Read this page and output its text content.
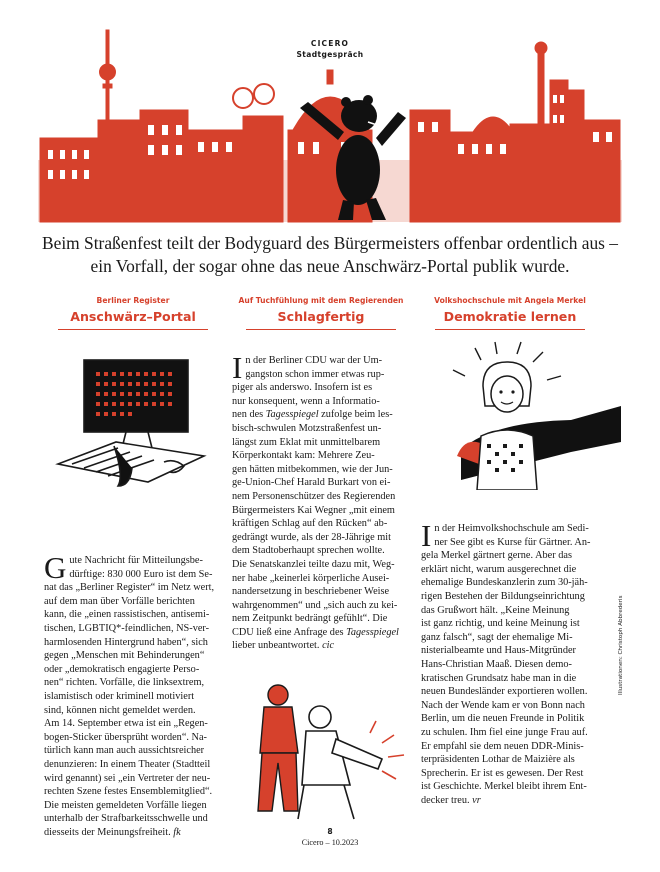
CICERO
Stadtgespräch
Beim Straßenfest teilt der Bodyguard des Bürgermeisters offenbar ordentlich aus – ein Vorfall, der sogar ohne das neue Anschwärz-Portal publik wurde.
Berliner Register
Anschwärz–Portal
G ute Nachricht für Mitteilungsbe-
dürftige: 830 000 Euro ist dem Se-
nat das „Berliner Register“ im Netz wert,
auf dem man über Vorfälle berichten
kann, die „einen rassistischen, antisemi-
tischen, LGBTIQ*-feindlichen, NS-ver-
harmlosenden Hintergrund haben“, sich
gegen „Menschen mit Behinderungen“
oder „demokratisch engagierte Perso-
nen“ richten. Vorfälle, die linksextrem,
islamistisch oder kriminell motiviert
sind, können nicht gemeldet werden.
Am 14. September etwa ist ein „Regen-
bogen-Sticker übersprüht worden“. Na-
türlich kann man auch aussichtsreicher
denunzieren: In einem Theater (Stadtteil
wird genannt) sei „ein Vertreter der neu-
rechten Szene festes Ensemblemitglied“.
Die meisten gemeldeten Vorfälle liegen
unterhalb der Strafbarkeitsschwelle und
diesseits der Meinungsfreiheit. fk
Auf Tuchfühlung mit dem Regierenden
Schlagfertig
I n der Berliner CDU war der Um-
gangston schon immer etwas rup-
piger als anderswo. Insofern ist es
nur konsequent, wenn a Informatio-
nen des Tagesspiegel zufolge beim les-
bisch-schwulen Motzstraßenfest un-
längst zum Eklat mit unmittelbarem
Körperkontakt kam: Mehrere Zeu-
gen hätten mitbekommen, wie der Jun-
ge-Union-Chef Harald Burkart von ei-
nem Personenschützer des Regierenden
Bürgermeisters Kai Wegner „mit einem
kräftigen Schlag auf den Rücken“ ab-
gedrängt wurde, als der 28-Jährige mit
dem Stadtoberhaupt sprechen wollte.
Die Senatskanzlei teilte dazu mit, Weg-
ner habe „keinerlei körperliche Ausei-
nandersetzung in beschriebener Weise
wahrgenommen“ und „sich auch zu kei-
nem Zeitpunkt bedrängt gefühlt“. Die
CDU ließ eine Anfrage des Tagesspiegel
lieber unbeantwortet. cic
Volkshochschule mit Angela Merkel
Demokratie lernen
I n der Heimvolkshochschule am Sedi-
ner See gibt es Kurse für Gärtner. An-
gela Merkel gärtnert gerne. Aber das
erklärt nicht, warum ausgerechnet die
ehemalige Bundeskanzlerin zum 30-jäh-
rigen Bestehen der Bildungseinrichtung
das Grußwort hält. „Keine Meinung
ist ganz richtig, und keine Meinung ist
ganz falsch“, sagt der ehemalige Mi-
nisterialbeamte und Haus-Mitgründer
Hans-Christian Maaß. Diesen demo-
kratischen Grundsatz habe man in die
neuen Bundesländer exportieren wollen.
Nach der Wende kam er von Bonn nach
Berlin, um die neuen Freunde in Politik
zu schulen. Ihm fiel eine junge Frau auf.
Er empfahl sie dem neuen DDR-Minis-
terpräsidenten Lothar de Maizière als
Sprecherin. Er ist es gewesen. Der Rest
ist Geschichte. Merkel bleibt ihrem Ent-
decker treu. vr
Illustrationen: Christoph Abbrederis
8
Cicero – 10.2023
